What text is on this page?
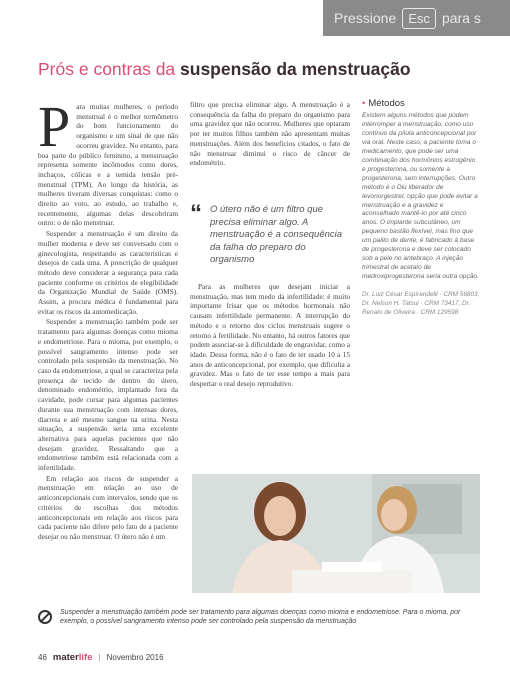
Pressione Esc para s
Prós e contras da suspensão da menstruação
P ara muitas mulheres, o período menstrual é o melhor termômetro do bom funcionamento do organismo e um sinal de que não ocorreu gravidez. No entanto, para boa parte do público feminino, a menstruação representa somente incômodos como dores, inchaços, cólicas e a temida tensão pré-menstrual (TPM). Ao longo da história, as mulheres tiveram diversas conquistas: como o direito ao voto, ao estudo, ao trabalho e, recentemente, algumas delas descobriram outro: o de não menstruar.

Suspender a menstruação é um direito da mulher moderna e deve ser conversado com o ginecologista, respeitando as características e desejos de cada uma. A prescrição de qualquer método deve considerar a segurança para cada paciente conforme os critérios de elegibilidade da Organização Mundial de Saúde (OMS). Assim, a procura médica é fundamental para evitar os riscos da automedicação.

Suspender a menstruação também pode ser tratamento para algumas doenças como mioma e endometriose. Para o mioma, por exemplo, o possível sangramento intenso pode ser controlado pela suspensão da menstruação. No caso da endometriose, a qual se caracteriza pela presença de tecido de dentro do útero, denominado endométrio, implantado fora da cavidade, pode cursar para algumas pacientes durante sua menstruação com intensas dores, diarreia e até mesmo sangue na urina. Nesta situação, a suspensão seria uma excelente alternativa para aquelas pacientes que não desejam gravidez. Ressaltando que a endometriose também está relacionada com a infertilidade.

Em relação aos riscos de suspender a menstruação em relação ao uso de anticoncepcionais com intervalos, sendo que os critérios de escolhas dos métodos anticoncepcionais em relação aos riscos para cada paciente não difere pelo fato de a paciente desejar ou não menstruar. O útero não é um

filtro que precisa eliminar algo. A menstruação é a consequência da falha do preparo do organismo para uma gravidez que não ocorreu. Mulheres que optaram por ter muitos filhos também não apresentam muitas menstruações. Além dos benefícios citados, o fato de não menstruar diminui o risco de câncer de endométrio.

“ O útero não é um filtro que precisa eliminar algo. A menstruação é a consequência da falha do preparo do organismo

Para as mulheres que desejam iniciar a menstruação, mas tem medo da infertilidade: é muito importante frisar que os métodos hormonais não causam infertilidade permanente. A interrupção do método e o retorno dos ciclos menstruais sugere o retorno à fertilidade. No entanto, há outros fatores que podem associar-se à dificuldade de engravidar, como a idade. Dessa forma, não é o fato de ter usado 10 a 15 anos de anticoncepcional, por exemplo, que dificulta a gravidez. Mas o fato de ter esse tempo a mais para despertar o real desejo reprodutivo.

• Métodos

Existem alguns métodos que podem interromper a menstruação, como uso contínuo da pílula anticoncepcional por via oral. Neste caso, a paciente toma o medicamento, que pode ser uma combinação dos hormônios estrogênio e progesterona, ou somente a progesterona, sem interrupções. Outro método é o Diu liberador de levonorgestrel, opção que pode evitar a menstruação e a gravidez e aconselhado mantê-lo por até cinco anos. O implante subcutâneo, um pequeno bastão flexível, mas fino que um palito de dente, é fabricado à base de progesterona e deve ser colocado sob a pele no antebraço. A injeção trimestral de acetato de medroxiprogesterona seria outra opção.

Dr. Luiz César Espírandelli · CRM 56803, Dr. Nelson H. Tatsui · CRM 73417, Dr. Renato de Oliveira · CRM 129598

Suspender a menstruação também pode ser tratamento para algumas doenças como mioma e endometriose. Para o mioma, por exemplo, o possível sangramento intenso pode ser controlado pela suspensão da menstruação

46 materlife | Novembro 2016
